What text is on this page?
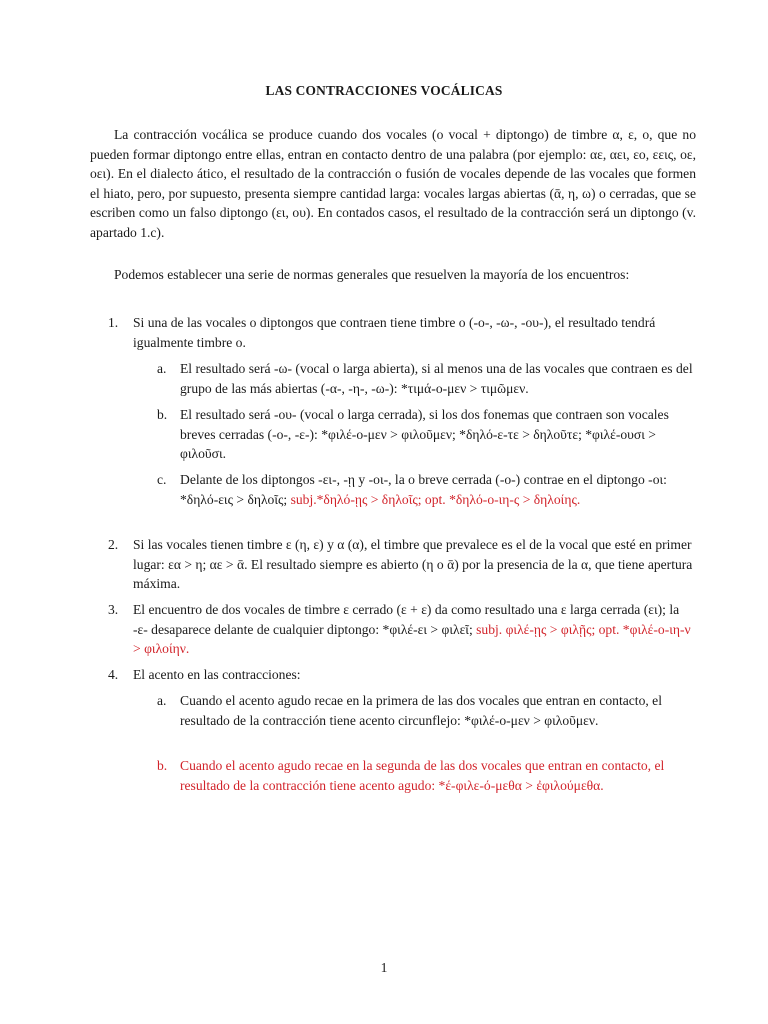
LAS CONTRACCIONES VOCÁLICAS

La contracción vocálica se produce cuando dos vocales (o vocal + diptongo) de timbre α, ε, ο, que no pueden formar diptongo entre ellas, entran en contacto dentro de una palabra (por ejemplo: αε, αει, εο, εεις, οε, οει). En el dialecto ático, el resultado de la contracción o fusión de vocales depende de las vocales que formen el hiato, pero, por supuesto, presenta siempre cantidad larga: vocales largas abiertas (ᾱ, η, ω) o cerradas, que se escriben como un falso diptongo (ει, ου). En contados casos, el resultado de la contracción será un diptongo (v. apartado 1.c).

Podemos establecer una serie de normas generales que resuelven la mayoría de los encuentros:

1. Si una de las vocales o diptongos que contraen tiene timbre ο (-ο-, -ω-, -ου-), el resultado tendrá igualmente timbre ο.
a. El resultado será -ω- (vocal ο larga abierta), si al menos una de las vocales que contraen es del grupo de las más abiertas (-α-, -η-, -ω-): *τιμά-ο-μεν > τιμῶμεν.
b. El resultado será -ου- (vocal ο larga cerrada), si los dos fonemas que contraen son vocales breves cerradas (-ο-, -ε-): *φιλέ-ο-μεν > φιλοῦμεν; *δηλό-ε-τε > δηλοῦτε; *φιλέ-ουσι > φιλοῦσι.
c. Delante de los diptongos -ει-, -ῃ y -οι-, la ο breve cerrada (-ο-) contrae en el diptongo -οι: *δηλό-εις > δηλοῖς; subj.*δηλό-ῃς > δηλοῖς; opt. *δηλό-ο-ιη-ς > δηλοίης.
2. Si las vocales tienen timbre ε (η, ε) y α (α), el timbre que prevalece es el de la vocal que esté en primer lugar: εα > η; αε > ᾱ. El resultado siempre es abierto (η o ᾱ) por la presencia de la α, que tiene apertura máxima.
3. El encuentro de dos vocales de timbre ε cerrado (ε + ε) da como resultado una ε larga cerrada (ει); la -ε- desaparece delante de cualquier diptongo: *φιλέ-ει > φιλεῖ; subj. φιλέ-ῃς > φιλῇς; opt. *φιλέ-ο-ιη-ν > φιλοίην.
4. El acento en las contracciones:
a. Cuando el acento agudo recae en la primera de las dos vocales que entran en contacto, el resultado de la contracción tiene acento circunflejo: *φιλέ-ο-μεν > φιλοῦμεν.
b. Cuando el acento agudo recae en la segunda de las dos vocales que entran en contacto, el resultado de la contracción tiene acento agudo: *έ-φιλε-ό-μεθα > ἐφιλούμεθα.
1
